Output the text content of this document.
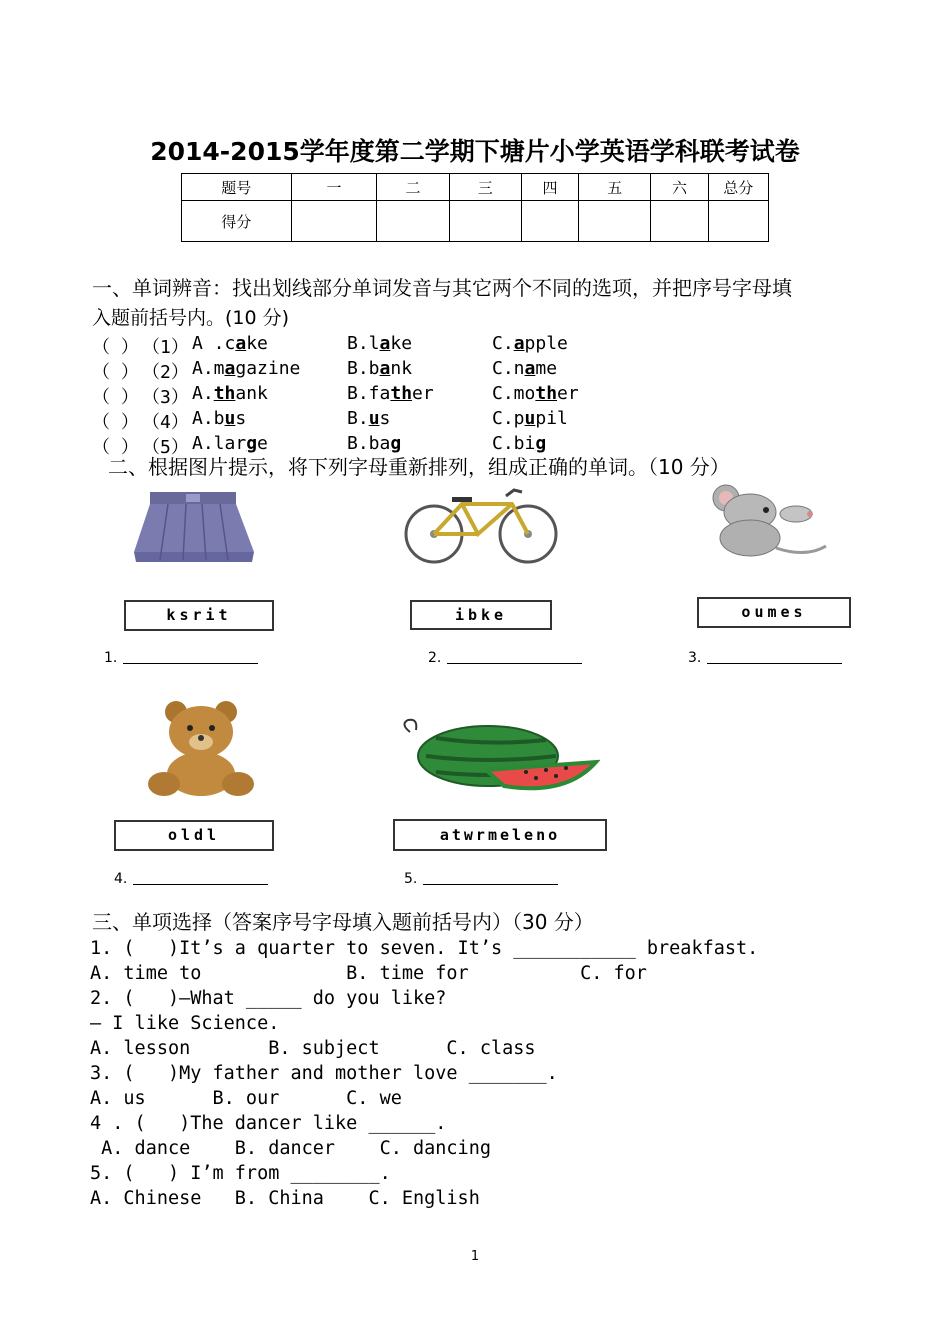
2014-2015学年度第二学期下塘片小学英语学科联考试卷
题号	一	二	三	四	五	六	总分
得分							
一、单词辨音：找出划线部分单词发音与其它两个不同的选项，并把序号字母填
入题前括号内。(10 分)
（ ） （1） A .cake	B.lake	C.apple
（ ） （2） A.magazine	B.bank	C.name
（ ） （3） A.thank	B.father	C.mother
（ ） （4） A.bus	B.us	C.pupil
（ ） （5） A.large	B.bag	C.big
二、根据图片提示，将下列字母重新排列，组成正确的单词。（10 分）
ksrit
1.
ibke
2.
oumes
3.
oldl
4.
atwrmeleno
5.
三、单项选择（答案序号字母填入题前括号内）（30 分）
1. (   )It’s a quarter to seven. It’s ___________ breakfast.
A. time to             B. time for          C. for
2. (   )—What _____ do you like?
— I like Science.
A. lesson       B. subject      C. class
3. (   )My father and mother love _______.
A. us      B. our      C. we
4 . (   )The dancer like ______.
A. dance    B. dancer    C. dancing
5. (   ) I’m from ________.
A. Chinese   B. China    C. English
1
